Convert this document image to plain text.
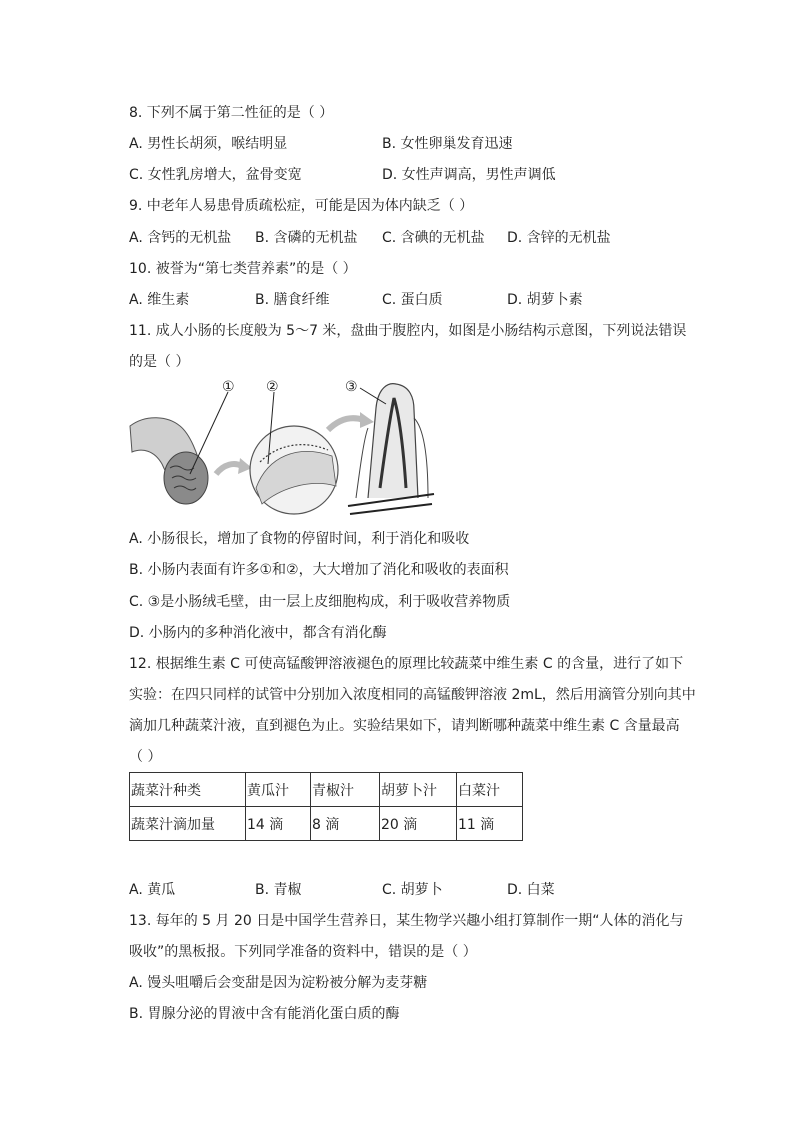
8. 下列不属于第二性征的是（ ）
A. 男性长胡须，喉结明显	B. 女性卵巢发育迅速
C. 女性乳房增大，盆骨变宽	D. 女性声调高，男性声调低
9. 中老年人易患骨质疏松症，可能是因为体内缺乏（ ）
A. 含钙的无机盐 B. 含磷的无机盐 C. 含碘的无机盐 D. 含锌的无机盐
10. 被誉为“第七类营养素”的是（ ）
A. 维生素	B. 膳食纤维	C. 蛋白质	D. 胡萝卜素
11. 成人小肠的长度般为 5～7 米，盘曲于腹腔内，如图是小肠结构示意图，下列说法错误
的是（ ）
① ②	③
A. 小肠很长，增加了食物的停留时间，利于消化和吸收
B. 小肠内表面有许多①和②，大大增加了消化和吸收的表面积
C. ③是小肠绒毛壁，由一层上皮细胞构成，利于吸收营养物质
D. 小肠内的多种消化液中，都含有消化酶
12. 根据维生素 C 可使高锰酸钾溶液褪色的原理比较蔬菜中维生素 C 的含量，进行了如下
实验：在四只同样的试管中分别加入浓度相同的高锰酸钾溶液 2mL，然后用滴管分别向其中
滴加几种蔬菜汁液，直到褪色为止。实验结果如下，请判断哪种蔬菜中维生素 C 含量最高
（ ）
蔬菜汁种类	黄瓜汁	青椒汁	胡萝卜汁	白菜汁
蔬菜汁滴加量	14 滴	8 滴	20 滴	11 滴
A. 黄瓜	B. 青椒	C. 胡萝卜	D. 白菜
13. 每年的 5 月 20 日是中国学生营养日，某生物学兴趣小组打算制作一期“人体的消化与
吸收”的黑板报。下列同学准备的资料中，错误的是（ ）
A. 馒头咀嚼后会变甜是因为淀粉被分解为麦芽糖
B. 胃腺分泌的胃液中含有能消化蛋白质的酶
